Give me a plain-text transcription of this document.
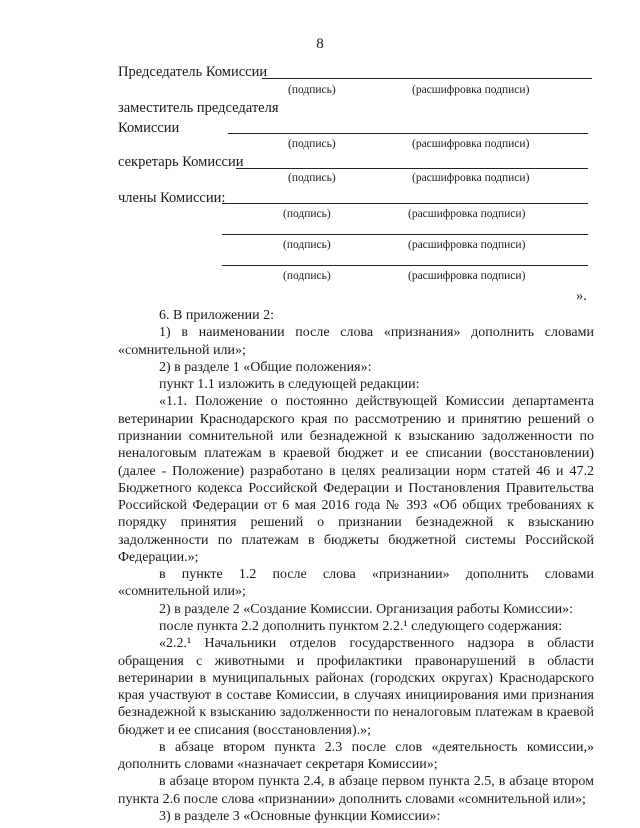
8
Председатель Комиссии
(подпись)	(расшифровка подписи)
заместитель председателя
Комиссии
(подпись)	(расшифровка подписи)
секретарь Комиссии
(подпись)	(расшифровка подписи)
члены Комиссии:
(подпись)	(расшифровка подписи)
(подпись)	(расшифровка подписи)
(подпись)	(расшифровка подписи)
».
6. В приложении 2:
1) в наименовании после слова «признания» дополнить словами
«сомнительной или»;
2) в разделе 1 «Общие положения»:
пункт 1.1 изложить в следующей редакции:
«1.1. Положение о постоянно действующей Комиссии департамента
ветеринарии Краснодарского края по рассмотрению и принятию решений о
признании сомнительной или безнадежной к взысканию задолженности по
неналоговым платежам в краевой бюджет и ее списании (восстановлении)
(далее - Положение) разработано в целях реализации норм статей 46 и 47.2
Бюджетного кодекса Российской Федерации и Постановления Правительства
Российской Федерации от 6 мая 2016 года № 393 «Об общих требованиях к
порядку принятия решений о признании безнадежной к взысканию
задолженности по платежам в бюджеты бюджетной системы Российской
Федерации.»;
в пункте 1.2 после слова «признании» дополнить словами
«сомнительной или»;
2) в разделе 2 «Создание Комиссии. Организация работы Комиссии»:
после пункта 2.2 дополнить пунктом 2.2.¹ следующего содержания:
«2.2.¹ Начальники отделов государственного надзора в области
обращения с животными и профилактики правонарушений в области
ветеринарии в муниципальных районах (городских округах) Краснодарского
края участвуют в составе Комиссии, в случаях инициирования ими признания
безнадежной к взысканию задолженности по неналоговым платежам в краевой
бюджет и ее списания (восстановления).»;
в абзаце втором пункта 2.3 после слов «деятельность комиссии,»
дополнить словами «назначает секретаря Комиссии»;
в абзаце втором пункта 2.4, в абзаце первом пункта 2.5, в абзаце втором
пункта 2.6 после слова «признании» дополнить словами «сомнительной или»;
3) в разделе 3 «Основные функции Комиссии»:
